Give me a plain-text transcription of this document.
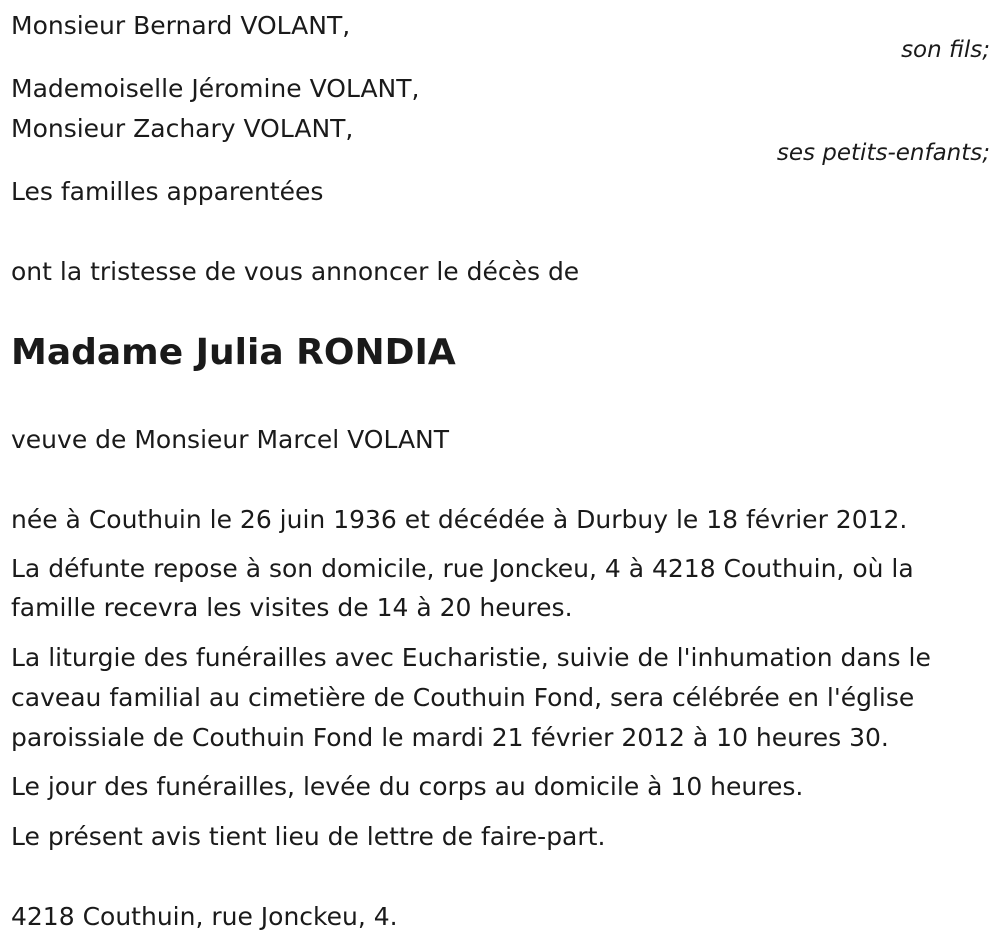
Monsieur Bernard VOLANT,
son fils;
Mademoiselle Jéromine VOLANT,
Monsieur Zachary VOLANT,
ses petits-enfants;
Les familles apparentées
ont la tristesse de vous annoncer le décès de
Madame Julia RONDIA
veuve de Monsieur Marcel VOLANT
née à Couthuin le 26 juin 1936 et décédée à Durbuy le 18 février 2012.
La défunte repose à son domicile, rue Jonckeu, 4 à 4218 Couthuin, où la
famille recevra les visites de 14 à 20 heures.
La liturgie des funérailles avec Eucharistie, suivie de l'inhumation dans le
caveau familial au cimetière de Couthuin Fond, sera célébrée en l'église
paroissiale de Couthuin Fond le mardi 21 février 2012 à 10 heures 30.
Le jour des funérailles, levée du corps au domicile à 10 heures.
Le présent avis tient lieu de lettre de faire-part.
4218 Couthuin, rue Jonckeu, 4.
